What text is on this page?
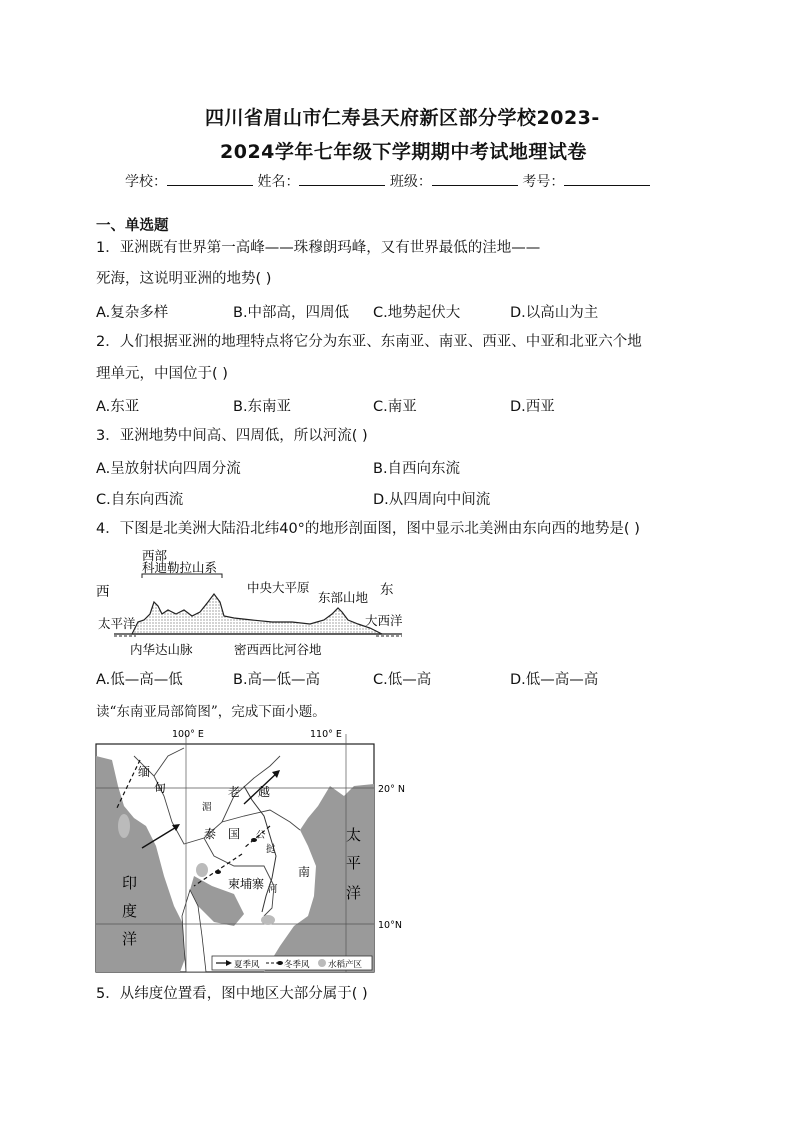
四川省眉山市仁寿县天府新区部分学校2023-
2024学年七年级下学期期中考试地理试卷
学校：	姓名：	班级：	考号：
一、单选题
1．亚洲既有世界第一高峰——珠穆朗玛峰，又有世界最低的洼地——
死海，这说明亚洲的地势( )
A.复杂多样	B.中部高，四周低 C.地势起伏大	D.以高山为主
2．人们根据亚洲的地理特点将它分为东亚、东南亚、南亚、西亚、中亚和北亚六个地
理单元，中国位于( )
A.东亚	B.东南亚	C.南亚	D.西亚
3．亚洲地势中间高、四周低，所以河流( )
A.呈放射状向四周分流	B.自西向东流
C.自东向西流	D.从四周向中间流
4．下图是北美洲大陆沿北纬40°的地形剖面图，图中显示北美洲由东向西的地势是( )
西部
科迪勒拉山系
西	东
中央大平原
东部山地
太平洋	大西洋
内华达山脉	密西西比河谷地
A.低—高—低	B.高—低—高	C.低—高	D.低—高—高
读“东南亚局部简图”，完成下面小题。
100° E	110° E
20° N
10°N
缅
甸	老 越
南
泰 国
柬埔寨
湄
公
挝
河
印
度
洋
太
平
洋
夏季风	冬季风 水稻产区
5．从纬度位置看，图中地区大部分属于( )
